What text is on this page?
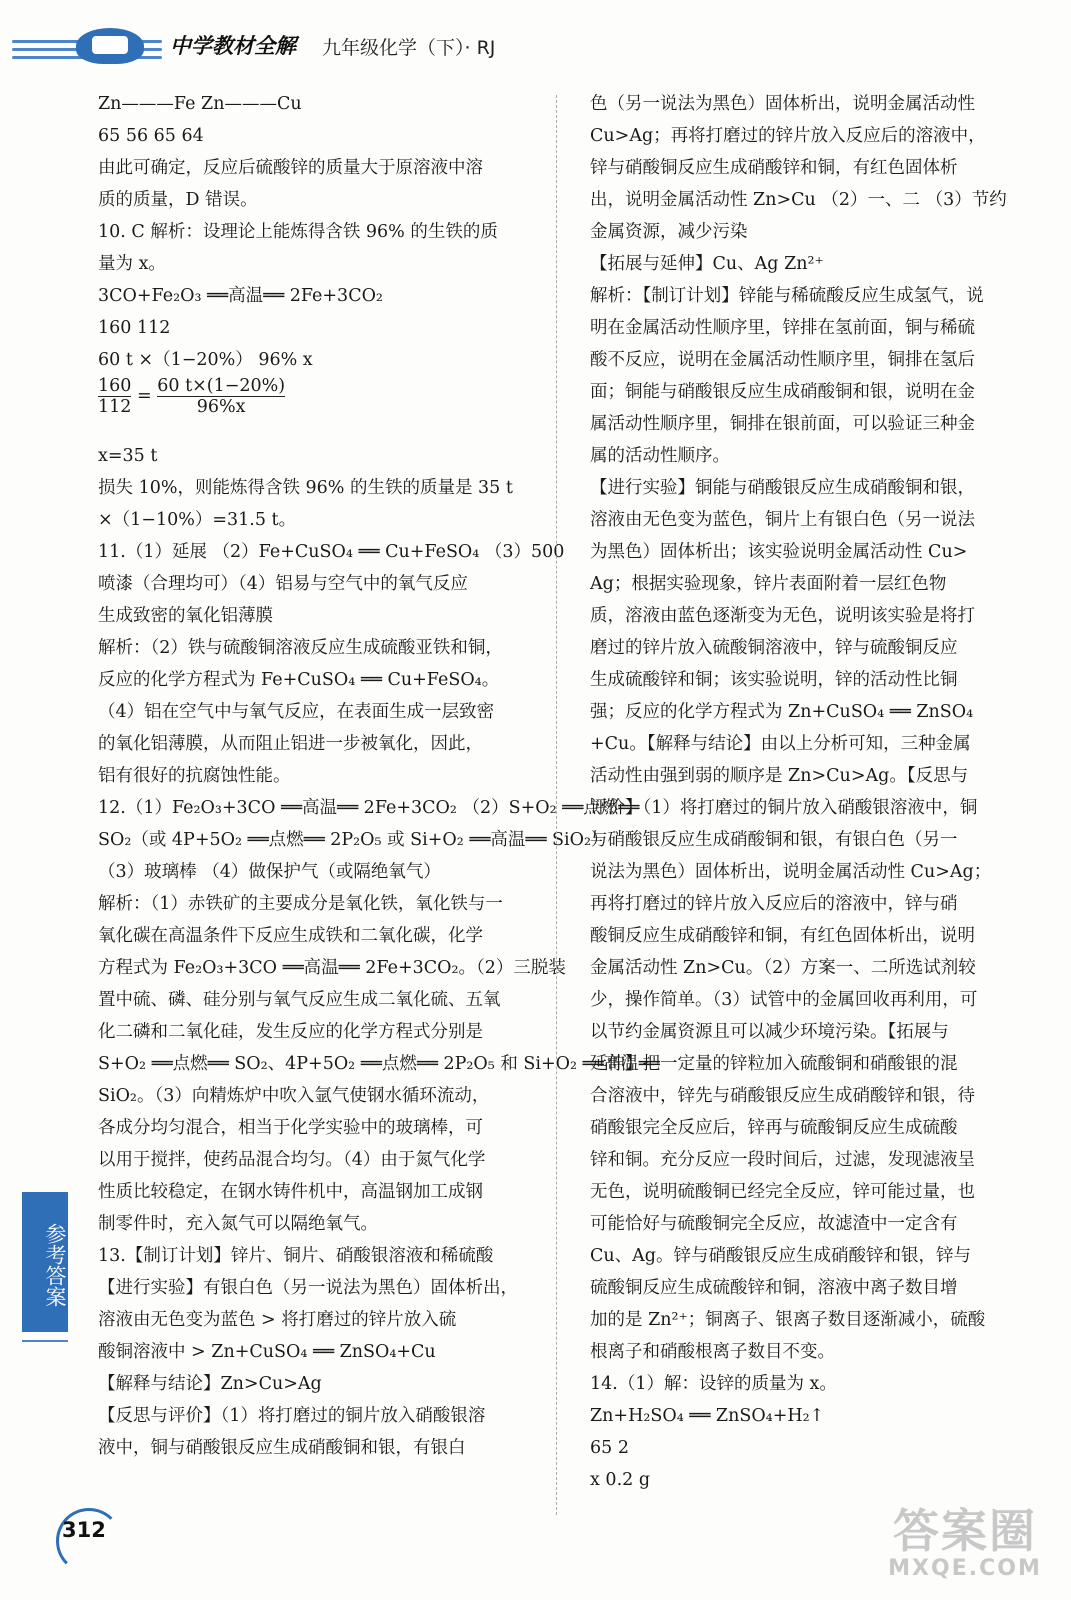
中学教材全解 九年级化学（下）· RJ
Zn———Fe Zn———Cu
65 56 65 64
由此可确定，反应后硫酸锌的质量大于原溶液中溶
质的质量，D 错误。
10. C 解析：设理论上能炼得含铁 96% 的生铁的质
量为 x。
3CO+Fe₂O₃ ══高温══ 2Fe+3CO₂
160 112
60 t ×（1−20%） 96% x
$\frac{160}{112} = \frac{60 t\times(1-20\%)}{96\%x}$
x=35 t
损失 10%，则能炼得含铁 96% 的生铁的质量是 35 t
×（1−10%）=31.5 t。
11.（1）延展 （2）Fe+CuSO₄ ══ Cu+FeSO₄ （3）500
喷漆（合理均可）（4）铝易与空气中的氧气反应
生成致密的氧化铝薄膜
解析：（2）铁与硫酸铜溶液反应生成硫酸亚铁和铜，
反应的化学方程式为 Fe+CuSO₄ ══ Cu+FeSO₄。
（4）铝在空气中与氧气反应，在表面生成一层致密
的氧化铝薄膜，从而阻止铝进一步被氧化，因此，
铝有很好的抗腐蚀性能。
12.（1）Fe₂O₃+3CO ══高温══ 2Fe+3CO₂ （2）S+O₂ ══点燃══
SO₂（或 4P+5O₂ ══点燃══ 2P₂O₅ 或 Si+O₂ ══高温══ SiO₂）
（3）玻璃棒 （4）做保护气（或隔绝氧气）
解析：（1）赤铁矿的主要成分是氧化铁，氧化铁与一
氧化碳在高温条件下反应生成铁和二氧化碳，化学
方程式为 Fe₂O₃+3CO ══高温══ 2Fe+3CO₂。（2）三脱装
置中硫、磷、硅分别与氧气反应生成二氧化硫、五氧
化二磷和二氧化硅，发生反应的化学方程式分别是
S+O₂ ══点燃══ SO₂、4P+5O₂ ══点燃══ 2P₂O₅ 和 Si+O₂ ══高温══
SiO₂。（3）向精炼炉中吹入氩气使钢水循环流动，
各成分均匀混合，相当于化学实验中的玻璃棒，可
以用于搅拌，使药品混合均匀。（4）由于氮气化学
性质比较稳定，在钢水铸件机中，高温钢加工成钢
制零件时，充入氮气可以隔绝氧气。
13.【制订计划】锌片、铜片、硝酸银溶液和稀硫酸
【进行实验】有银白色（另一说法为黑色）固体析出，
溶液由无色变为蓝色 > 将打磨过的锌片放入硫
酸铜溶液中 > Zn+CuSO₄ ══ ZnSO₄+Cu
【解释与结论】Zn>Cu>Ag
【反思与评价】（1）将打磨过的铜片放入硝酸银溶
液中，铜与硝酸银反应生成硝酸铜和银，有银白
色（另一说法为黑色）固体析出，说明金属活动性
Cu>Ag；再将打磨过的锌片放入反应后的溶液中，
锌与硝酸铜反应生成硝酸锌和铜，有红色固体析
出，说明金属活动性 Zn>Cu （2）一、二 （3）节约
金属资源，减少污染
【拓展与延伸】Cu、Ag Zn²⁺
解析：【制订计划】锌能与稀硫酸反应生成氢气，说
明在金属活动性顺序里，锌排在氢前面，铜与稀硫
酸不反应，说明在金属活动性顺序里，铜排在氢后
面；铜能与硝酸银反应生成硝酸铜和银，说明在金
属活动性顺序里，铜排在银前面，可以验证三种金
属的活动性顺序。
【进行实验】铜能与硝酸银反应生成硝酸铜和银，
溶液由无色变为蓝色，铜片上有银白色（另一说法
为黑色）固体析出；该实验说明金属活动性 Cu>
Ag；根据实验现象，锌片表面附着一层红色物
质，溶液由蓝色逐渐变为无色，说明该实验是将打
磨过的锌片放入硫酸铜溶液中，锌与硫酸铜反应
生成硫酸锌和铜；该实验说明，锌的活动性比铜
强；反应的化学方程式为 Zn+CuSO₄ ══ ZnSO₄
+Cu。【解释与结论】由以上分析可知，三种金属
活动性由强到弱的顺序是 Zn>Cu>Ag。【反思与
评价】（1）将打磨过的铜片放入硝酸银溶液中，铜
与硝酸银反应生成硝酸铜和银，有银白色（另一
说法为黑色）固体析出，说明金属活动性 Cu>Ag；
再将打磨过的锌片放入反应后的溶液中，锌与硝
酸铜反应生成硝酸锌和铜，有红色固体析出，说明
金属活动性 Zn>Cu。（2）方案一、二所选试剂较
少，操作简单。（3）试管中的金属回收再利用，可
以节约金属资源且可以减少环境污染。【拓展与
延伸】把一定量的锌粒加入硫酸铜和硝酸银的混
合溶液中，锌先与硝酸银反应生成硝酸锌和银，待
硝酸银完全反应后，锌再与硫酸铜反应生成硫酸
锌和铜。充分反应一段时间后，过滤，发现滤液呈
无色，说明硫酸铜已经完全反应，锌可能过量，也
可能恰好与硫酸铜完全反应，故滤渣中一定含有
Cu、Ag。锌与硝酸银反应生成硝酸锌和银，锌与
硫酸铜反应生成硫酸锌和铜，溶液中离子数目增
加的是 Zn²⁺；铜离子、银离子数目逐渐减小，硫酸
根离子和硝酸根离子数目不变。
14.（1）解：设锌的质量为 x。
Zn+H₂SO₄ ══ ZnSO₄+H₂↑
65 2
x 0.2 g
参考答案
312	答案圈
MXQE.COM
